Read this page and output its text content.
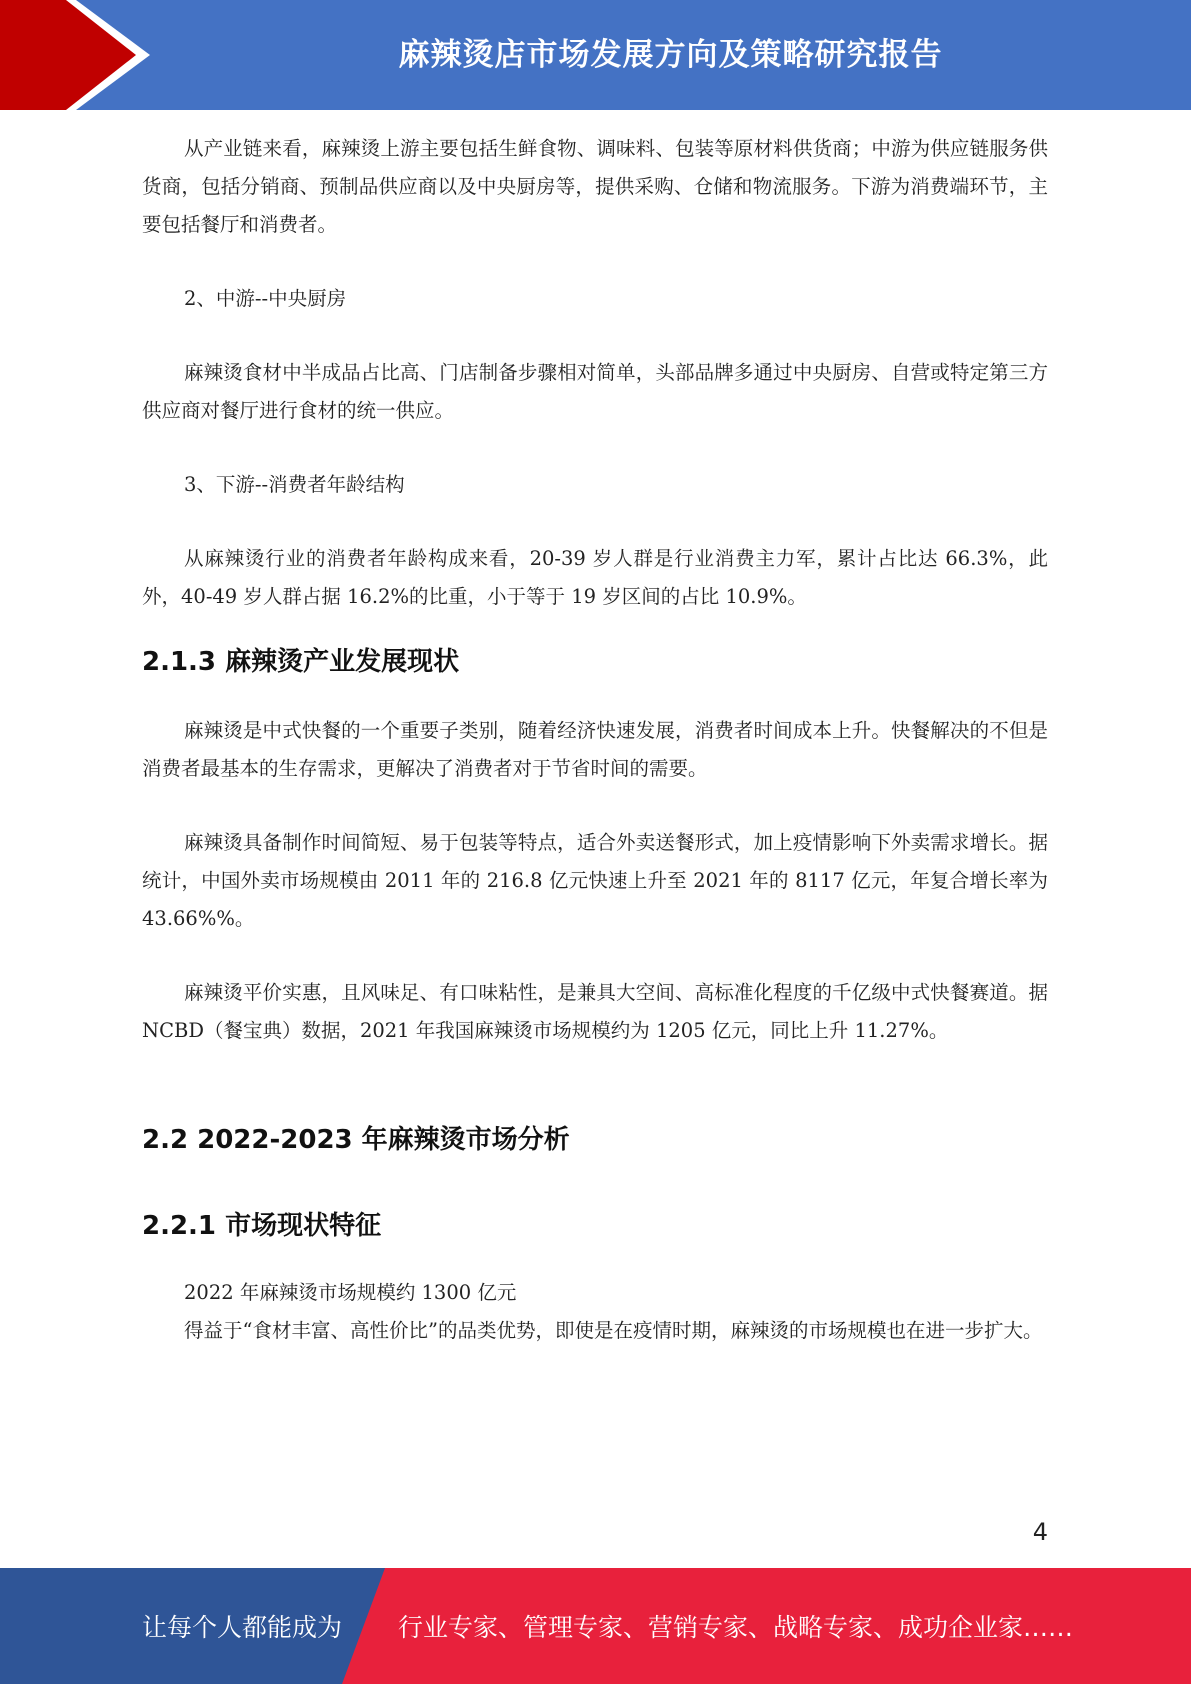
麻辣烫店市场发展方向及策略研究报告

从产业链来看，麻辣烫上游主要包括生鲜食物、调味料、包装等原材料供货商；中游为供应链服务供货商，包括分销商、预制品供应商以及中央厨房等，提供采购、仓储和物流服务。下游为消费端环节，主要包括餐厅和消费者。

2、中游--中央厨房

麻辣烫食材中半成品占比高、门店制备步骤相对简单，头部品牌多通过中央厨房、自营或特定第三方供应商对餐厅进行食材的统一供应。

3、下游--消费者年龄结构

从麻辣烫行业的消费者年龄构成来看，20-39 岁人群是行业消费主力军，累计占比达 66.3%，此外，40-49 岁人群占据 16.2%的比重，小于等于 19 岁区间的占比 10.9%。

2.1.3 麻辣烫产业发展现状

麻辣烫是中式快餐的一个重要子类别，随着经济快速发展，消费者时间成本上升。快餐解决的不但是消费者最基本的生存需求，更解决了消费者对于节省时间的需要。

麻辣烫具备制作时间简短、易于包装等特点，适合外卖送餐形式，加上疫情影响下外卖需求增长。据统计，中国外卖市场规模由 2011 年的 216.8 亿元快速上升至 2021 年的 8117 亿元，年复合增长率为 43.66%%。

麻辣烫平价实惠，且风味足、有口味粘性，是兼具大空间、高标准化程度的千亿级中式快餐赛道。据 NCBD（餐宝典）数据，2021 年我国麻辣烫市场规模约为 1205 亿元，同比上升 11.27%。

2.2 2022-2023 年麻辣烫市场分析
2.2.1 市场现状特征

2022 年麻辣烫市场规模约 1300 亿元

得益于“食材丰富、高性价比”的品类优势，即使是在疫情时期，麻辣烫的市场规模也在进一步扩大。

4
让每个人都能成为 行业专家、管理专家、营销专家、战略专家、成功企业家……
